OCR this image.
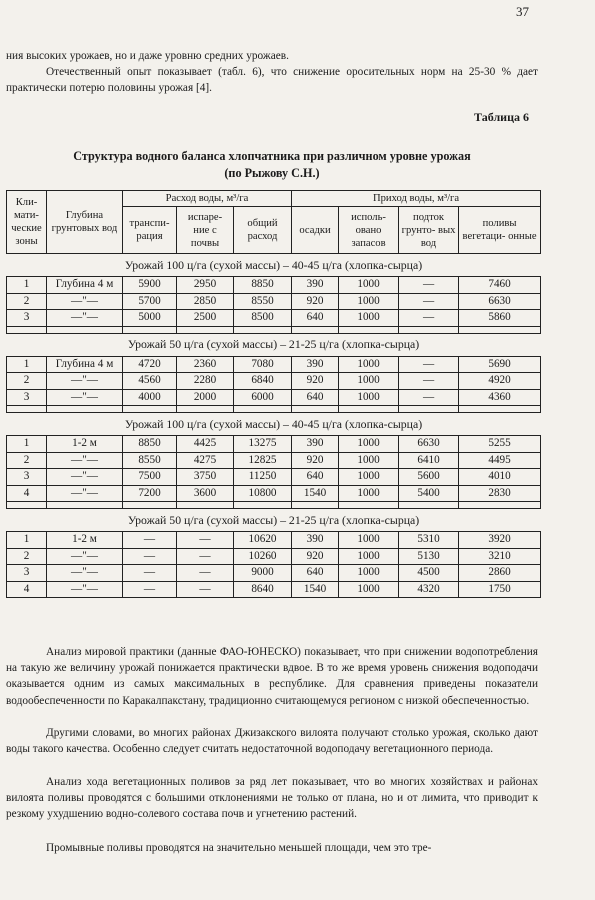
37

ния высоких урожаев, но и даже уровню средних урожаев.

Отечественный опыт показывает (табл. 6), что снижение оросительных норм на 25-30 % дает практически потерю половины урожая [4].

Таблица 6
Структура водного баланса хлопчатника при различном уровне урожая
(по Рыжову С.Н.)
Кли- мати- ческие зоны	Глубина грунтовых вод	Расход воды, м³/га			Приход воды, м³/га			
		транспи- рация	испаре- ние с почвы	общий расход	осадки	исполь- овано запасов	подток грунто- вых вод	поливы вегетаци- онные
Урожай 100 ц/га (сухой массы) – 40-45 ц/га (хлопка-сырца)								
1	Глубина 4 м	5900	2950	8850	390	1000	—	7460
2	—"—	5700	2850	8550	920	1000	—	6630
3	—"—	5000	2500	8500	640	1000	—	5860

Урожай 50 ц/га (сухой массы) – 21-25 ц/га (хлопка-сырца)								
1	Глубина 4 м	4720	2360	7080	390	1000	—	5690
2	—"—	4560	2280	6840	920	1000	—	4920
3	—"—	4000	2000	6000	640	1000	—	4360

Урожай 100 ц/га (сухой массы) – 40-45 ц/га (хлопка-сырца)								
1	1-2 м	8850	4425	13275	390	1000	6630	5255
2	—"—	8550	4275	12825	920	1000	6410	4495
3	—"—	7500	3750	11250	640	1000	5600	4010
4	—"—	7200	3600	10800	1540	1000	5400	2830

Урожай 50 ц/га (сухой массы) – 21-25 ц/га (хлопка-сырца)								
1	1-2 м	—	—	10620	390	1000	5310	3920
2	—"—	—	—	10260	920	1000	5130	3210
3	—"—	—	—	9000	640	1000	4500	2860
4	—"—	—	—	8640	1540	1000	4320	1750

Анализ мировой практики (данные ФАО-ЮНЕСКО) показывает, что при снижении водопотребления на такую же величину урожай понижается практически вдвое. В то же время уровень снижения водоподачи оказывается одним из самых максимальных в республике. Для сравнения приведены показатели водообеспеченности по Каракалпакстану, традиционно считающемуся регионом с низкой обеспеченностью.

Другими словами, во многих районах Джизакского вилоята получают столько урожая, сколько дают воды такого качества. Особенно следует считать недостаточной водоподачу вегетационного периода.

Анализ хода вегетационных поливов за ряд лет показывает, что во многих хозяйствах и районах вилоята поливы проводятся с большими отклонениями не только от плана, но и от лимита, что приводит к резкому ухудшению водно-солевого состава почв и угнетению растений.

Промывные поливы проводятся на значительно меньшей площади, чем это тре-
